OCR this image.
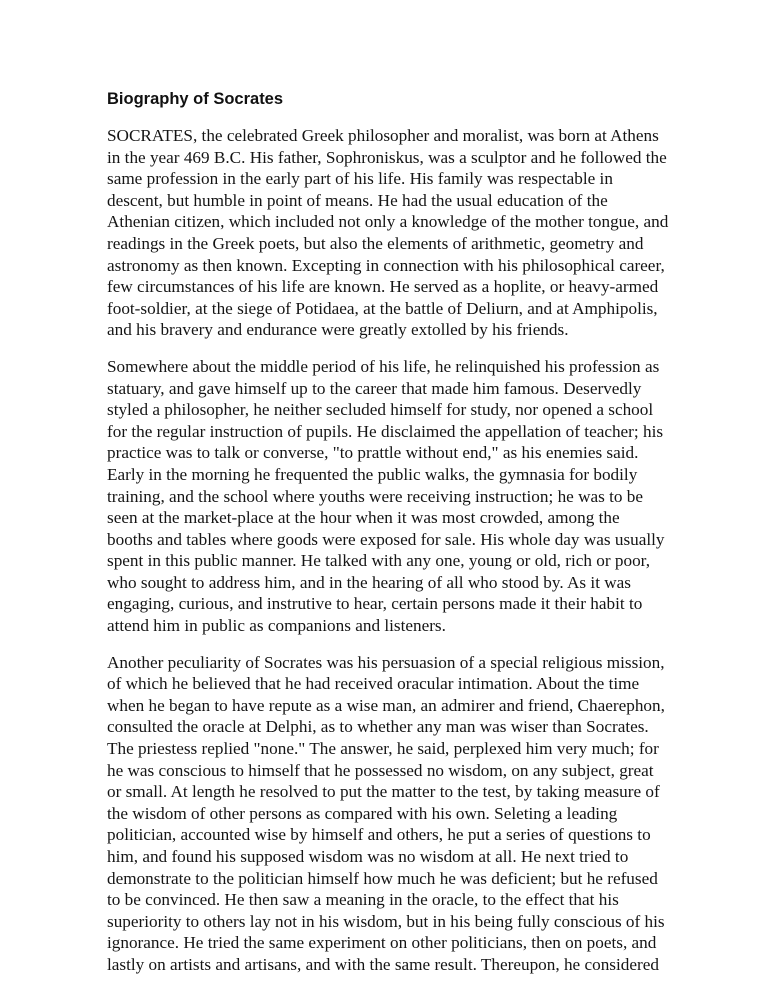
Biography of Socrates

SOCRATES, the celebrated Greek philosopher and moralist, was born at Athens
in the year 469 B.C. His father, Sophroniskus, was a sculptor and he followed the
same profession in the early part of his life. His family was respectable in
descent, but humble in point of means. He had the usual education of the
Athenian citizen, which included not only a knowledge of the mother tongue, and
readings in the Greek poets, but also the elements of arithmetic, geometry and
astronomy as then known. Excepting in connection with his philosophical career,
few circumstances of his life are known. He served as a hoplite, or heavy-armed
foot-soldier, at the siege of Potidaea, at the battle of Deliurn, and at Amphipolis,
and his bravery and endurance were greatly extolled by his friends.

Somewhere about the middle period of his life, he relinquished his profession as
statuary, and gave himself up to the career that made him famous. Deservedly
styled a philosopher, he neither secluded himself for study, nor opened a school
for the regular instruction of pupils. He disclaimed the appellation of teacher; his
practice was to talk or converse, "to prattle without end," as his enemies said.
Early in the morning he frequented the public walks, the gymnasia for bodily
training, and the school where youths were receiving instruction; he was to be
seen at the market-place at the hour when it was most crowded, among the
booths and tables where goods were exposed for sale. His whole day was usually
spent in this public manner. He talked with any one, young or old, rich or poor,
who sought to address him, and in the hearing of all who stood by. As it was
engaging, curious, and instrutive to hear, certain persons made it their habit to
attend him in public as companions and listeners.

Another peculiarity of Socrates was his persuasion of a special religious mission,
of which he believed that he had received oracular intimation. About the time
when he began to have repute as a wise man, an admirer and friend, Chaerephon,
consulted the oracle at Delphi, as to whether any man was wiser than Socrates.
The priestess replied "none." The answer, he said, perplexed him very much; for
he was conscious to himself that he possessed no wisdom, on any subject, great
or small. At length he resolved to put the matter to the test, by taking measure of
the wisdom of other persons as compared with his own. Seleting a leading
politician, accounted wise by himself and others, he put a series of questions to
him, and found his supposed wisdom was no wisdom at all. He next tried to
demonstrate to the politician himself how much he was deficient; but he refused
to be convinced. He then saw a meaning in the oracle, to the effect that his
superiority to others lay not in his wisdom, but in his being fully conscious of his
ignorance. He tried the same experiment on other politicians, then on poets, and
lastly on artists and artisans, and with the same result. Thereupon, he considered
